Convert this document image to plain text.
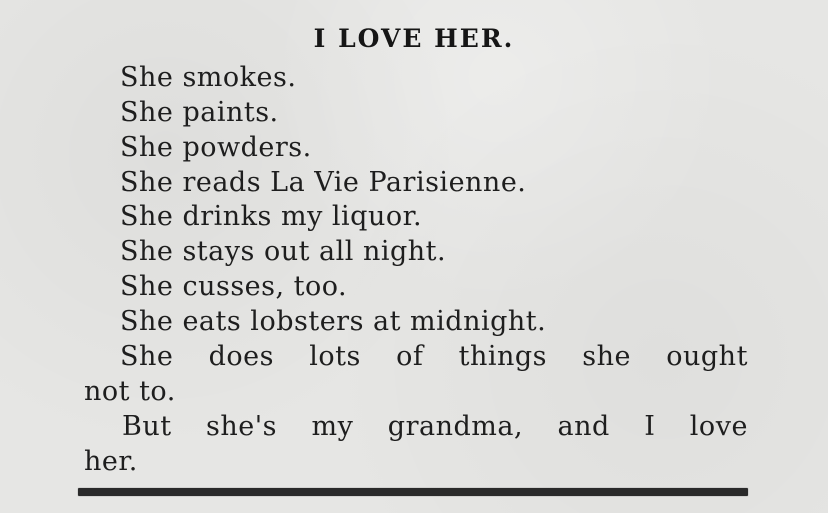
I LOVE HER.
She smokes.
She paints.
She powders.
She reads La Vie Parisienne.
She drinks my liquor.
She stays out all night.
She cusses, too.
She eats lobsters at midnight.
She does lots of things she ought
not to.
But she's my grandma, and I love
her.
